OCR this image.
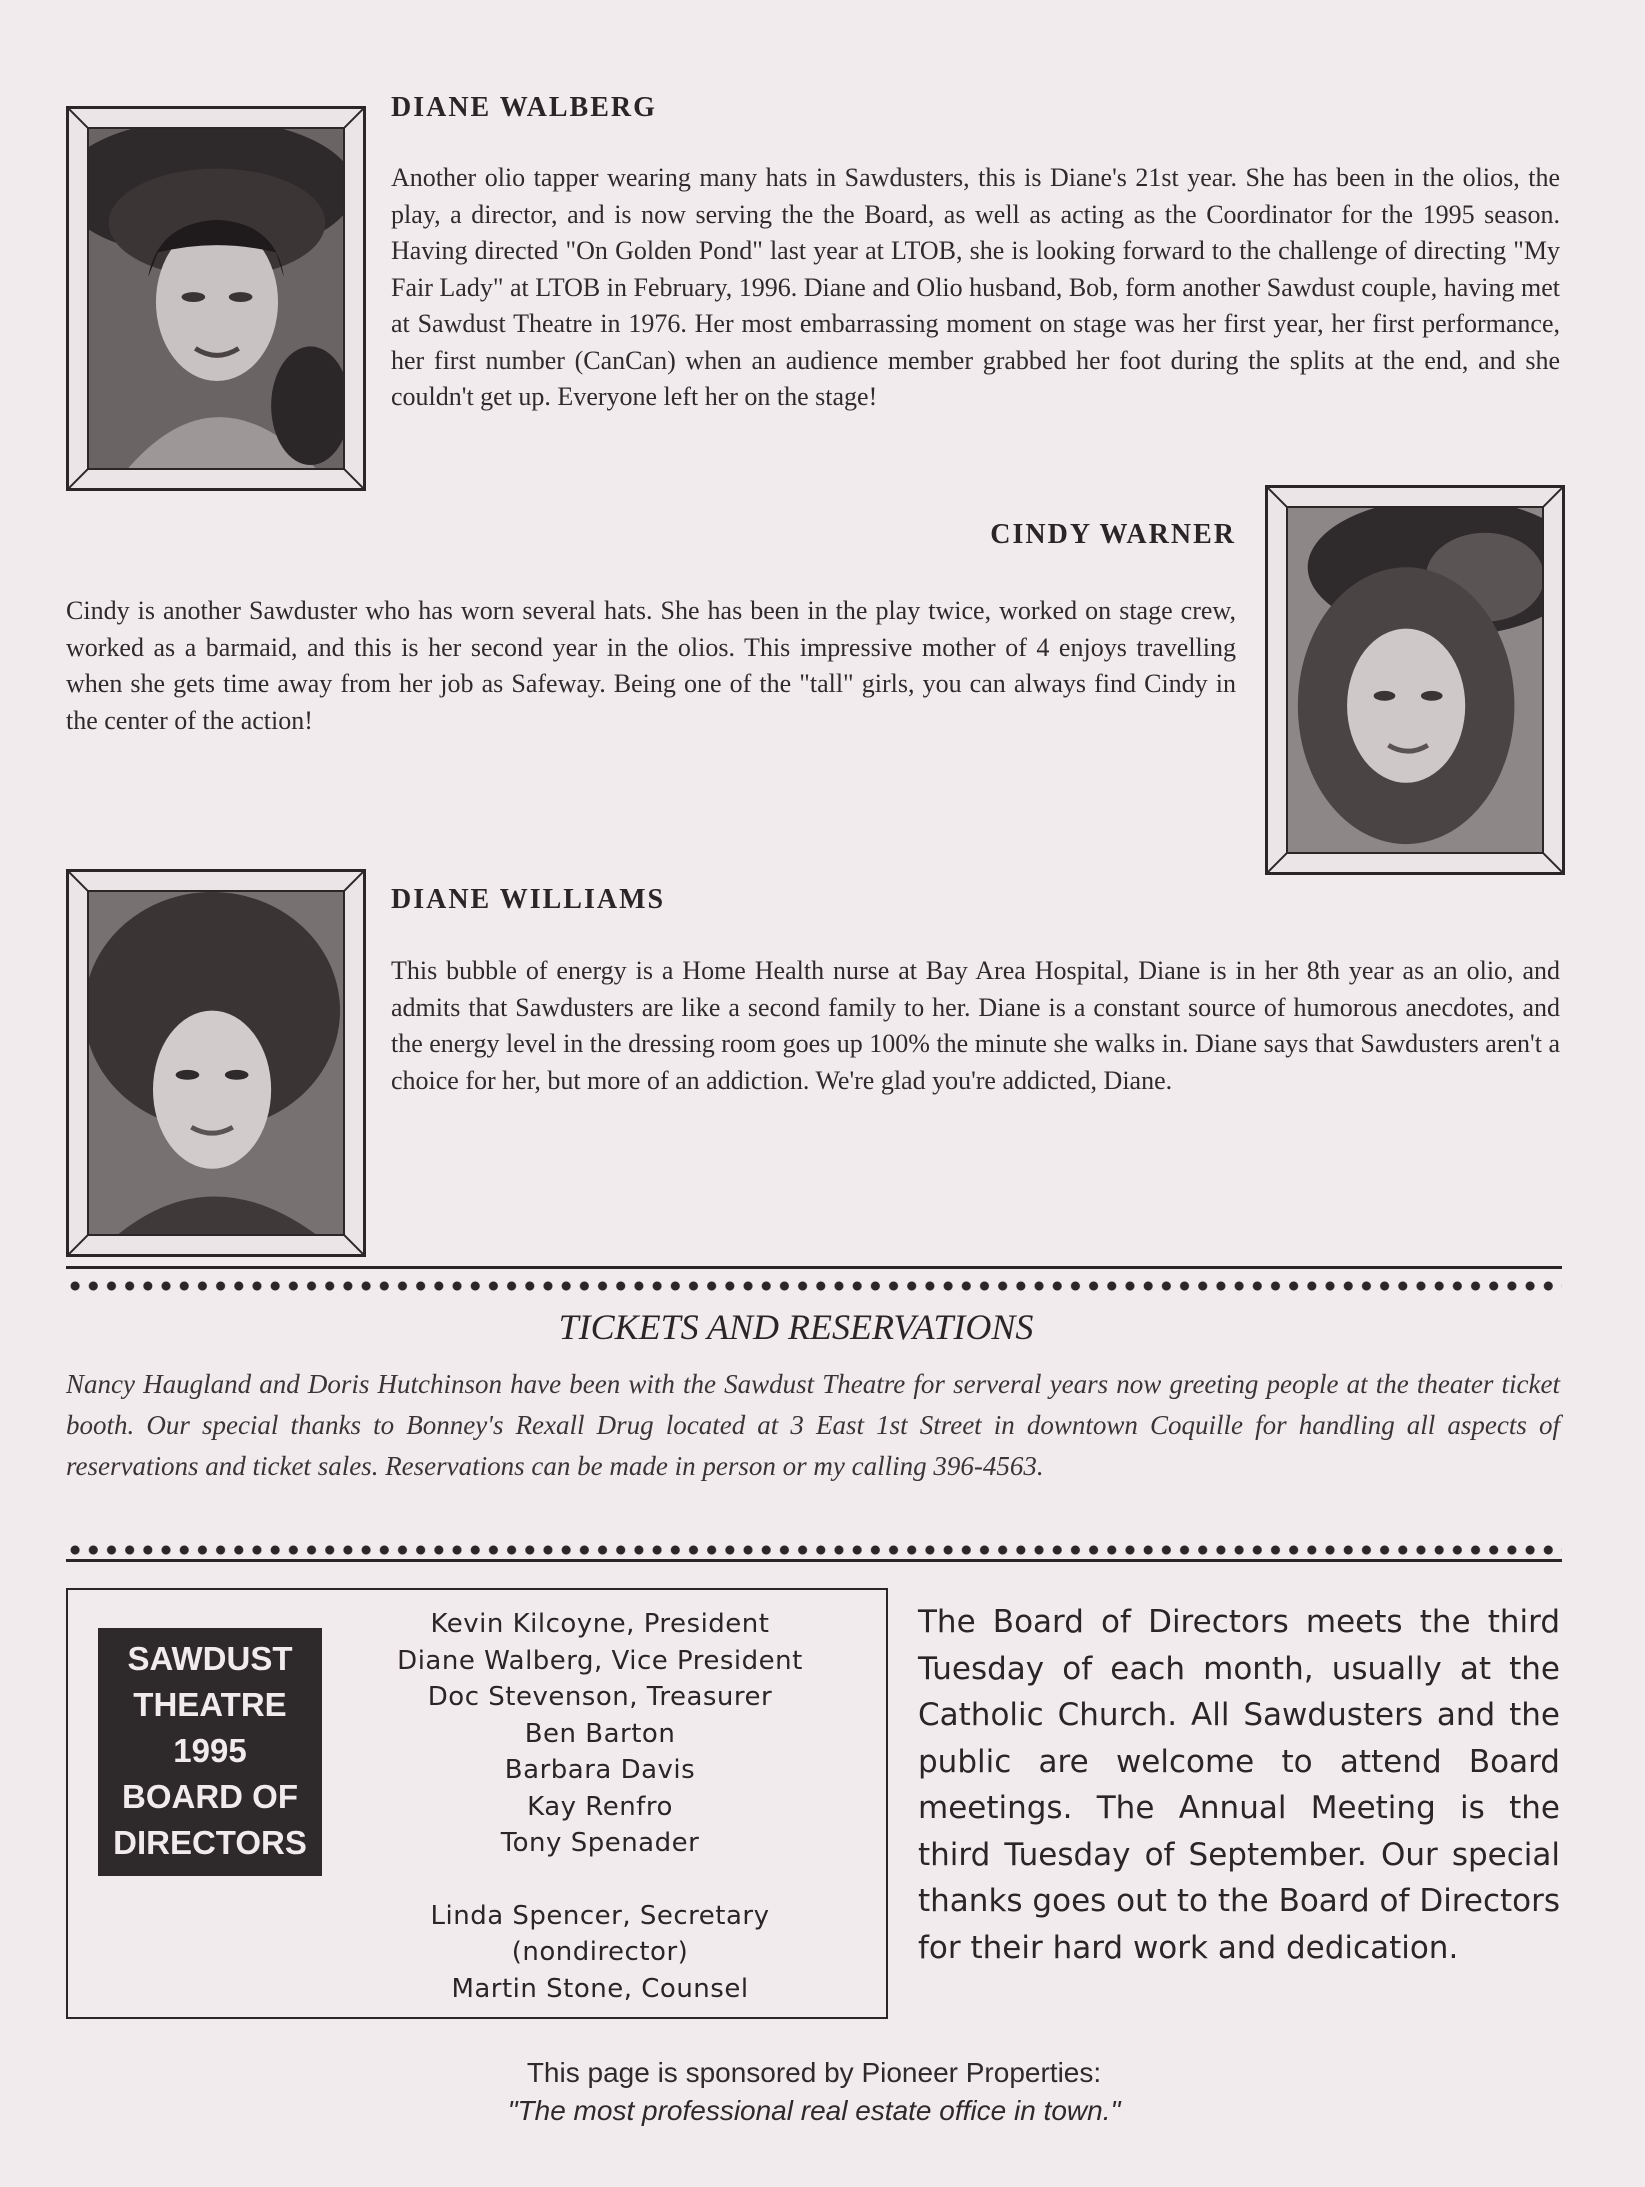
DIANE WALBERG
Another olio tapper wearing many hats in Sawdusters, this is Diane's 21st year. She has been in the olios, the play, a director, and is now serving the the Board, as well as acting as the Coordinator for the 1995 season. Having directed "On Golden Pond" last year at LTOB, she is looking forward to the challenge of directing "My Fair Lady" at LTOB in February, 1996. Diane and Olio husband, Bob, form another Sawdust couple, having met at Sawdust Theatre in 1976. Her most embarrassing moment on stage was her first year, her first performance, her first number (CanCan) when an audience member grabbed her foot during the splits at the end, and she couldn't get up. Everyone left her on the stage!
CINDY WARNER
Cindy is another Sawduster who has worn several hats. She has been in the play twice, worked on stage crew, worked as a barmaid, and this is her second year in the olios. This impressive mother of 4 enjoys travelling when she gets time away from her job as Safeway. Being one of the "tall" girls, you can always find Cindy in the center of the action!
DIANE WILLIAMS
This bubble of energy is a Home Health nurse at Bay Area Hospital, Diane is in her 8th year as an olio, and admits that Sawdusters are like a second family to her. Diane is a constant source of humorous anecdotes, and the energy level in the dressing room goes up 100% the minute she walks in. Diane says that Sawdusters aren't a choice for her, but more of an addiction. We're glad you're addicted, Diane.
TICKETS AND RESERVATIONS
Nancy Haugland and Doris Hutchinson have been with the Sawdust Theatre for serveral years now greeting people at the theater ticket booth. Our special thanks to Bonney's Rexall Drug located at 3 East 1st Street in downtown Coquille for handling all aspects of reservations and ticket sales. Reservations can be made in person or my calling 396-4563.
SAWDUST
THEATRE
1995
BOARD OF
DIRECTORS
Kevin Kilcoyne, President
Diane Walberg, Vice President
Doc Stevenson, Treasurer
Ben Barton
Barbara Davis
Kay Renfro
Tony Spenader
Linda Spencer, Secretary
(nondirector)
Martin Stone, Counsel
The Board of Directors meets the third Tuesday of each month, usually at the Catholic Church. All Sawdusters and the public are welcome to attend Board meetings. The Annual Meeting is the third Tuesday of September. Our special thanks goes out to the Board of Directors for their hard work and dedication.
This page is sponsored by Pioneer Properties:
"The most professional real estate office in town."
